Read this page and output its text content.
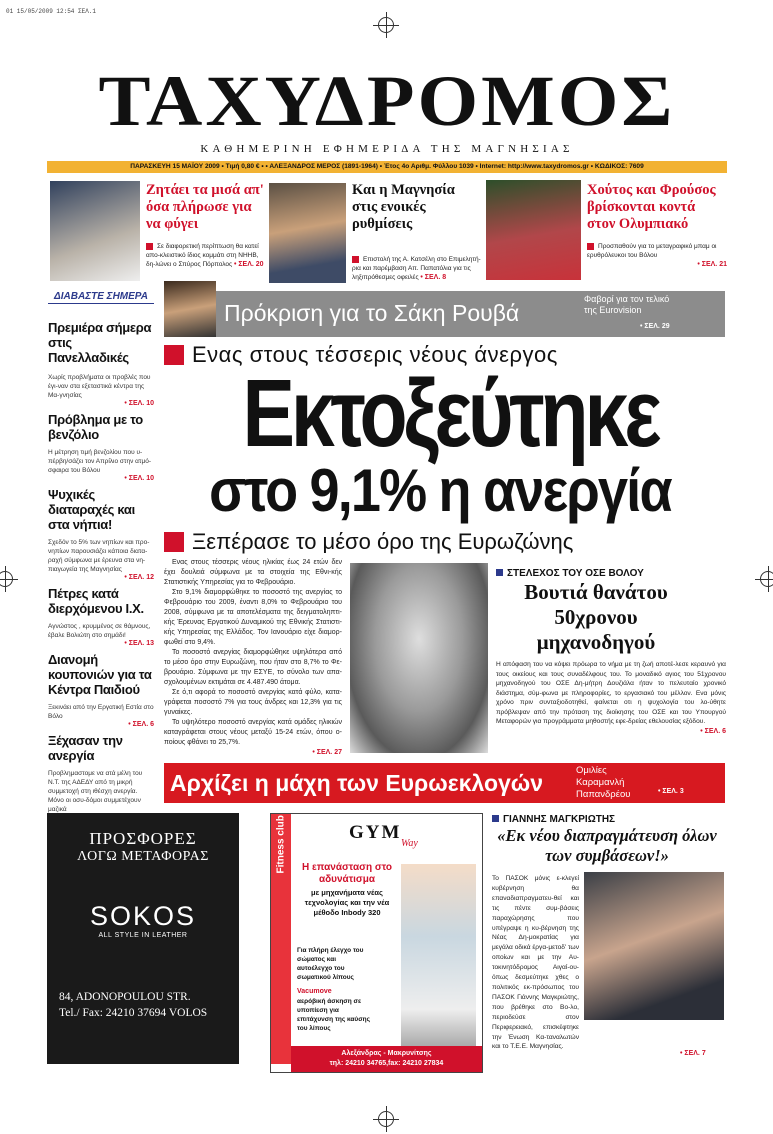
01 15/05/2009 12:54 ΣΕΛ.1
ΤΑΧΥΔΡΟΜΟΣ
ΚΑΘΗΜΕΡΙΝΗ ΕΦΗΜΕΡΙΔΑ ΤΗΣ ΜΑΓΝΗΣΙΑΣ
ΠΑΡΑΣΚΕΥΗ 15 ΜΑΪΟΥ 2009 • Τιμή 0,80 € • • ΑΛΕΞΑΝΔΡΟΣ ΜΕΡΟΣ (1891-1964) • Έτος 4ο Αριθμ. Φύλλου 1039 • Internet: http://www.taxydromos.gr • ΚΩΔΙΚΟΣ: 7609
Ζητάει τα μισά απ' όσα πλήρωσε για να φύγει
Σε διαφορετική περίπτωση θα κατεί απο-κλειστικό ίδιος κομμάτι στη ΝΗΗΒ, δη-λώνει ο Σπύρος Πόρπολος • ΣΕΛ. 20
Και η Μαγνησία στις ενοικές ρυθμίσεις
Επιστολή της Α. Κατσέλη στο Επιμελητή-ρια και παρέμβαση Απ. Παπατόλια για τις ληξιπρόθεσμες οφειλές • ΣΕΛ. 8
Χούτος και Φρούσος βρίσκονται κοντά στον Ολυμπιακό
Προσπαθούν για το μεταγραφικό μπαμ οι ερυθρόλευκοι του Βόλου
• ΣΕΛ. 21
ΔΙΑΒΑΣΤΕ ΣΗΜΕΡΑ
Πρεμιέρα σήμερα στις Πανελλαδικές
Χωρίς προβλήματα οι προβλές που έγι-ναν στα εξεταστικά κέντρα της Μα-γνησίας
• ΣΕΛ. 10
Πρόβλημα με το βενζόλιο
Η μέτρηση τιμή βενζολίου που υ-πέρβη/σάζει τον Απρίλιο στην ατμό-σφαιρα του Βόλου
• ΣΕΛ. 10
Ψυχικές διαταραχές και στα νήπια!
Σχεδόν το 5% των νηπίων και προ-νηπίων παρουσιάζει κάποια διατα-ραχή σύμφωνα με έρευνα στα νη-πιαγωγεία της Μαγνησίας
• ΣΕΛ. 12
Πέτρες κατά διερχόμενου Ι.Χ.
Αγνώστος , κρυμμένος σε θάμνους, έβαλε Βολιώτη στο σημάδι!
• ΣΕΛ. 13
Διανομή κουπονιών για τα Κέντρα Παιδιού
Ξεκινάει από την Εργατική Εστία στο Βόλο
• ΣΕΛ. 6
Ξέχασαν την ανεργία
Προβλημαστομε να ατά μέλη του Ν.Τ. της ΑΔΕΔΥ από τη μικρή συμμετοχή στη ιθέσχη ανεργία. Μόνο οι οσυ-δόμοι συμμετέχουν μαζικά
Πρόκριση για το Σάκη Ρουβά
Φαβορί για τον τελικό της Eurovision
• ΣΕΛ. 29
Ενας στους τέσσερις νέους άνεργος
Εκτοξεύτηκε
στο 9,1% η ανεργία
Ξεπέρασε το μέσο όρο της Ευρωζώνης

Ενας στους τέσσερις νέους ηλικίας έως 24 ετών δεν έχει δουλειά σύμφωνα με τα στοιχεία της Εθνι-κής Στατιστικής Υπηρεσίας για το Φεβρουάριο.

Στο 9,1% διαμορφώθηκε το ποσοστό της ανεργίας το Φεβρουάριο του 2009, έναντι 8,0% το Φεβρουάριο του 2008, σύμφωνα με τα αποτελέσματα της δειγματοληπτι-κής Έρευνας Εργατικού Δυναμικού της Εθνικής Στατιστι-κής Υπηρεσίας της Ελλάδος. Τον Ιανουάριο είχε διαμορ-φωθεί στο 9,4%.

Το ποσοστό ανεργίας διαμορφώθηκε υψηλότερα από το μέσο όρο στην Ευρωζώνη, που ήταν στο 8,7% το Φε-βρουάριο. Σύμφωνα με την ΕΣΥΕ, το σύνολο των απα-σχολουμένων εκτιμάται σε 4.487.490 άτομα.

Σε ό,τι αφορά το ποσοστό ανεργίας κατά φύλο, κατα-γράφεται ποσοστό 7% για τους άνδρες και 12,3% για τις γυναίκες.

Το υψηλότερο ποσοστό ανεργίας κατά ομάδες ηλικιών καταγράφεται στους νέους μεταξύ 15-24 ετών, όπου ο-ποίους φθάνει το 25,7%.

• ΣΕΛ. 27
ΣΤΕΛΕΧΟΣ ΤΟΥ ΟΣΕ ΒΟΛΟΥ
Βουτιά θανάτου 50χρονου μηχανοδηγού
Η απόφαση του να κόψει πρόωρα το νήμα με τη ζωή αποτέ-λεσε κεραυνό για τους οικείους και τους συναδέλφους του. Το μοναδικό αγιος του 51χρονου μηχανοδηγού του ΟΣΕ Δη-μήτρη Δουζιάλα ήταν το πελευταίο χρονικό διάστημα, σύμ-φωνα με πληροφορίες, το εργασιακό του μέλλον. Ενα μόνις χρόνο πριν συνταξιοδοτηθεί, φαίνεται οτι η ψυχολογία του λο-ύθητε πρόβλεψαν από την πρόταση της διοίκησης του ΟΣΕ και του Υπουργού Μεταφορών για προγράμματα μηθοστής εφε-δρείας εθελουσίας εξόδου.
• ΣΕΛ. 6
Αρχίζει η μάχη των Ευρωεκλογών	Ομιλίες Καραμανλή Παπανδρέου	• ΣΕΛ. 3
ΠΡΟΣΦΟΡΕΣ
ΛΟΓΩ ΜΕΤΑΦΟΡΑΣ
SOKOS
ALL STYLE IN LEATHER
84, ADONOPOULOU STR.
Tel./ Fax: 24210 37694 VOLOS
Fitness club	GYM
Way
Η επανάσταση στο αδυνάτισμα
με μηχανήματα νέας τεχνολογίας και την νέα μέθοδο Inbody 320
Για πλήρη έλεγχο του σώματος και αυτοέλεγχο του σωματικού λίπους
Vacumove
αερόβική άσκηση σε υποπίεση για επιτάχυνση της καύσης του λίπους
Αλεξάνδρας - Μακρυνίτσης
τηλ: 24210 34765,fax: 24210 27834
ΓΙΑΝΝΗΣ ΜΑΓΚΡΙΩΤΗΣ
«Εκ νέου διαπραγμάτευση όλων των συμβάσεων!»
Το ΠΑΣΟΚ μόνις ε-κλεγεί κυβέρνηση θα επαναδιαπραγματευ-θεί και τις πέντε συμ-βάσεις παραχώρησης που υπέγραψε η κυ-βέρνηση της Νέας Δη-μοκρατίας για μεγάλα οδικά έργα-μετοδ' των οποίων και με την Αυ-τοκινητόδρομος Αιγαί-ου-όπως δεσμεύτηκε χθες ο πολιτικός εκ-πρόσωπος του ΠΑΣΟΚ Γιάννης Μαγκριώτης, που βρέθηκε στο Βο-λο, περιοδεύσε στον Περιφερειακό, επισκέφτηκε την Ένωση Κα-ταναλωτών και το Τ.Ε.Ε. Μαγνησίας.
• ΣΕΛ. 7
